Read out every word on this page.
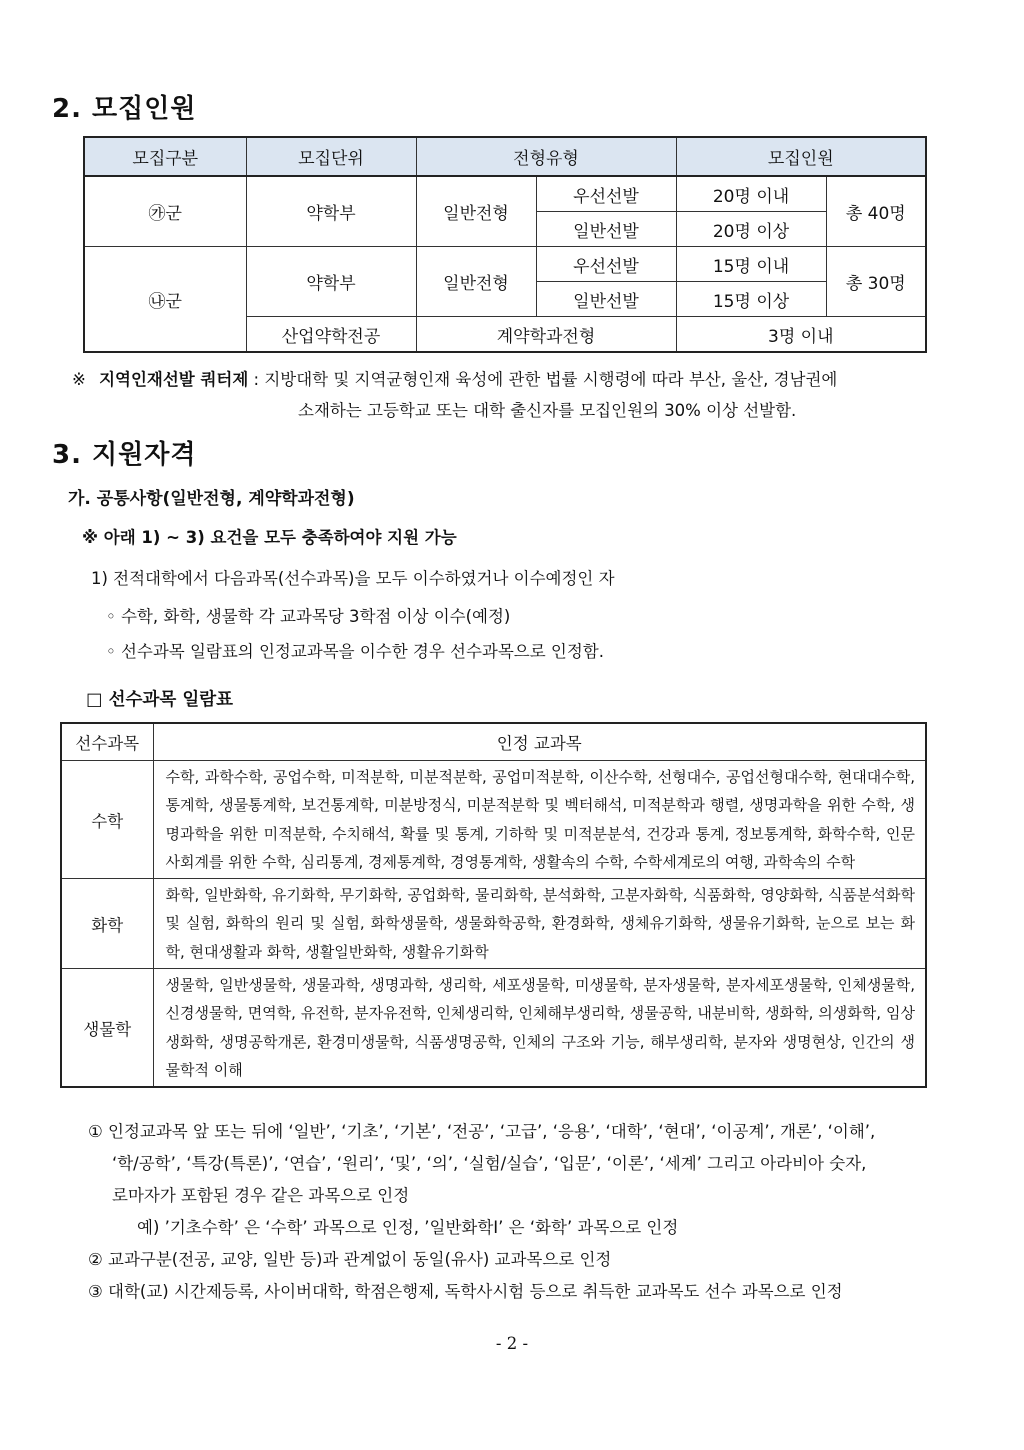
2. 모집인원
모집구분	모집단위	전형유형		모집인원	
㉮군	약학부	일반전형	우선선발	20명 이내	총 40명
			일반선발	20명 이상	
㉯군	약학부	일반전형	우선선발	15명 이내	총 30명
			일반선발	15명 이상	
	산업약학전공	계약학과전형		3명 이내	
※ 지역인재선발 쿼터제 : 지방대학 및 지역균형인재 육성에 관한 법률 시행령에 따라 부산, 울산, 경남권에
소재하는 고등학교 또는 대학 출신자를 모집인원의 30% 이상 선발함.
3. 지원자격
가. 공통사항(일반전형, 계약학과전형)
※ 아래 1) ~ 3) 요건을 모두 충족하여야 지원 가능
1) 전적대학에서 다음과목(선수과목)을 모두 이수하였거나 이수예정인 자
◦ 수학, 화학, 생물학 각 교과목당 3학점 이상 이수(예정)
◦ 선수과목 일람표의 인정교과목을 이수한 경우 선수과목으로 인정함.
□ 선수과목 일람표
선수과목	인정 교과목
수학	수학, 과학수학, 공업수학, 미적분학, 미분적분학, 공업미적분학, 이산수학, 선형대수, 공업선형대수학, 현대대수학, 통계학, 생물통계학, 보건통계학, 미분방정식, 미분적분학 및 벡터해석, 미적분학과 행렬, 생명과학을 위한 수학, 생명과학을 위한 미적분학, 수치해석, 확률 및 통계, 기하학 및 미적분분석, 건강과 통계, 정보통계학, 화학수학, 인문사회계를 위한 수학, 심리통계, 경제통계학, 경영통계학, 생활속의 수학, 수학세계로의 여행, 과학속의 수학
화학	화학, 일반화학, 유기화학, 무기화학, 공업화학, 물리화학, 분석화학, 고분자화학, 식품화학, 영양화학, 식품분석화학 및 실험, 화학의 원리 및 실험, 화학생물학, 생물화학공학, 환경화학, 생체유기화학, 생물유기화학, 눈으로 보는 화학, 현대생활과 화학, 생활일반화학, 생활유기화학
생물학	생물학, 일반생물학, 생물과학, 생명과학, 생리학, 세포생물학, 미생물학, 분자생물학, 분자세포생물학, 인체생물학, 신경생물학, 면역학, 유전학, 분자유전학, 인체생리학, 인체해부생리학, 생물공학, 내분비학, 생화학, 의생화학, 임상생화학, 생명공학개론, 환경미생물학, 식품생명공학, 인체의 구조와 기능, 해부생리학, 분자와 생명현상, 인간의 생물학적 이해
① 인정교과목 앞 또는 뒤에 ‘일반’, ‘기초’, ‘기본’, ‘전공’, ‘고급’, ‘응용’, ‘대학’, ‘현대’, ‘이공계’, 개론’, ‘이해’,
‘학/공학’, ‘특강(특론)’, ‘연습’, ‘원리’, ‘및’, ‘의’, ‘실험/실습’, ‘입문’, ‘이론’, ‘세계’ 그리고 아라비아 숫자,
로마자가 포함된 경우 같은 과목으로 인정
예) ’기초수학’ 은 ‘수학’ 과목으로 인정, ’일반화학Ⅰ’ 은 ‘화학’ 과목으로 인정
② 교과구분(전공, 교양, 일반 등)과 관계없이 동일(유사) 교과목으로 인정
③ 대학(교) 시간제등록, 사이버대학, 학점은행제, 독학사시험 등으로 취득한 교과목도 선수 과목으로 인정
- 2 -
